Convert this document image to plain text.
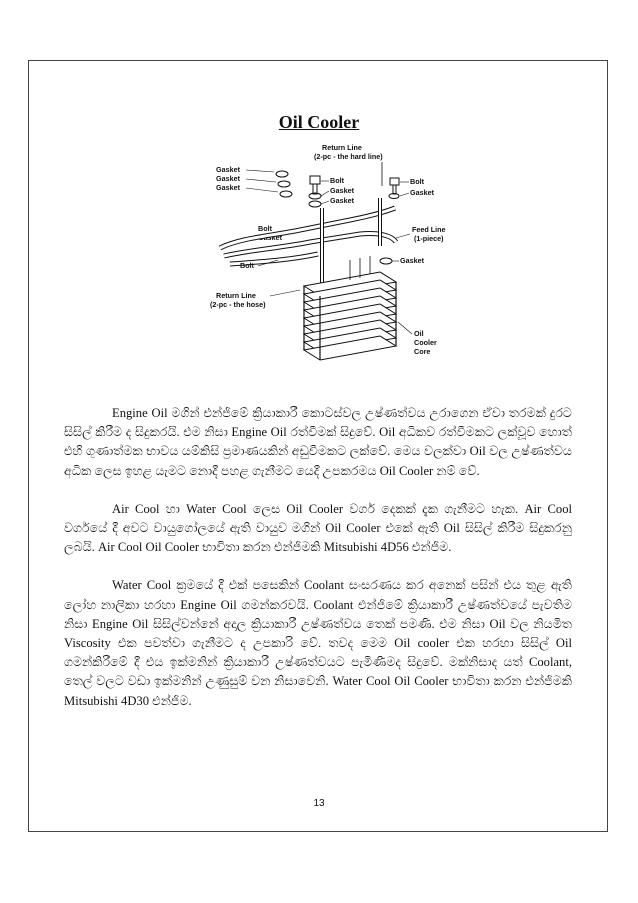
Oil Cooler
Return Line
(2-pc - the hard line)
Gasket
Gasket
Gasket
Bolt
Gasket
Gasket
Bolt
Gasket
Bolt
Gasket
Feed Line
(1-piece)
Bolt
Gasket
Return Line
(2-pc - the hose)
Oil
Cooler
Core

Engine Oil මගින් එන්ජිමේ ක්‍රියාකාරී කොටස්වල උෂ්ණත්වය උරාගෙන ඒවා තරමක් දුරට සිසිල් කිරීම ද සිදුකරයි. එම නිසා Engine Oil රත්වීමක් සිදුවේ. Oil අධිකව රත්වීමකට ලක්වූව හොත් එහි ගුණාත්මක භාවය යම්කිසි ප්‍රමාණයකින් අඩුවීමකට ලක්වේ. මෙය වලක්වා Oil වල උෂ්ණත්වය අධික ලෙස ඉහළ යැමට නොදී පහළ ගැනීමට යෙදී උපකරමය Oil Cooler නම් වේ.

Air Cool හා Water Cool ලෙස Oil Cooler වර්ග දෙකක් දැක ගැනීමට හැක. Air Cool වර්ගයේ දී අවට වායුගෝලයේ ඇති වායුව මගින් Oil Cooler එකේ ඇති Oil සිසිල් කිරීම සිදුකරනු ලබයි. Air Cool Oil Cooler භාවිතා කරන එන්ජිමකි Mitsubishi 4D56 එන්ජිම.

Water Cool ක්‍රමයේ දී එක් පසෙකින් Coolant සංසරණය කර අනෙක් පසින් එය තුළ ඇති ලෝහ නාලිකා හරහා Engine Oil ගමන්කරවයි. Coolant එන්ජිමේ ක්‍රියාකාරී උෂ්ණත්වයේ පැවතිම නිසා Engine Oil සිසිල්වන්නේ අදාල ක්‍රියාකාරී උෂ්ණත්වය තෙක් පමණි. එම නිසා Oil වල නියමිත Viscosity එක පවත්වා ගැනීමට ද උපකාරි වේ. තවද මෙම Oil cooler එක හරහා සිසිල් Oil ගමන්කිරීමේ දී එය ඉක්මනින් ක්‍රියාකාරී උෂ්ණත්වයට පැමිණීමද සිදුවේ. මක්නිසාද යත් Coolant, තෙල් වලට වඩා ඉක්මනින් උණුසුම් වන නිසාවෙනි. Water Cool Oil Cooler භාවිතා කරන එන්ජිමකි Mitsubishi 4D30 එන්ජිම.

13
